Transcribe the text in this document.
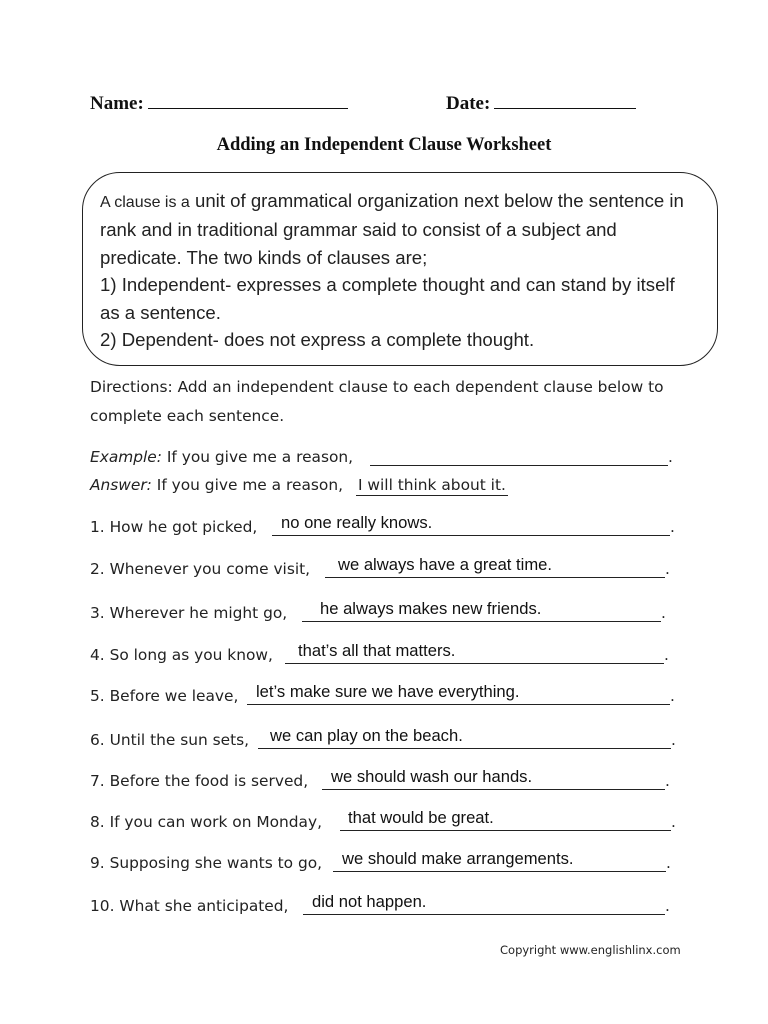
Name:	Date:
Adding an Independent Clause Worksheet

A clause is a unit of grammatical organization next below the sentence in rank and in traditional grammar said to consist of a subject and predicate. The two kinds of clauses are;

1) Independent- expresses a complete thought and can stand by itself as a sentence.

2) Dependent- does not express a complete thought.

Directions: Add an independent clause to each dependent clause below to complete each sentence.
Example: If you give me a reason,	.
Answer: If you give me a reason, I will think about it.
1. How he got picked, no one really knows.	.
2. Whenever you come visit, we always have a great time.	.
3. Wherever he might go, he always makes new friends.	.
4. So long as you know, that’s all that matters.	.
5. Before we leave, let’s make sure we have everything.	.
6. Until the sun sets, we can play on the beach.	.
7. Before the food is served, we should wash our hands.	.
8. If you can work on Monday, that would be great.	.
9. Supposing she wants to go, we should make arrangements.	.
10. What she anticipated, did not happen.	.
Copyright www.englishlinx.com
